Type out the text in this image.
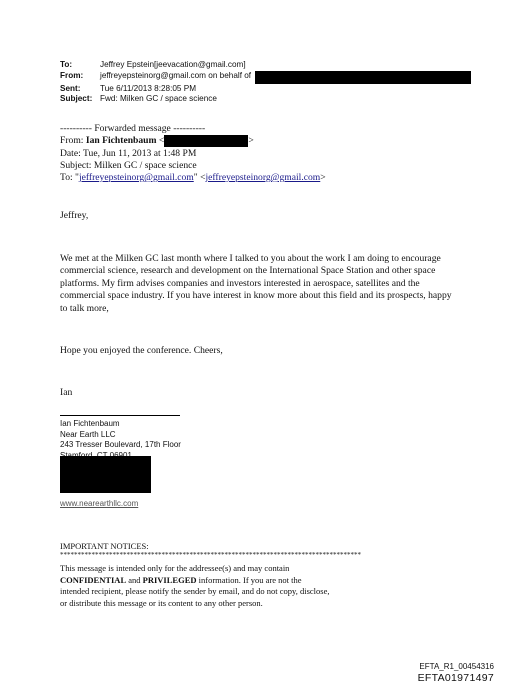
To:	Jeffrey Epstein[jeevacation@gmail.com]
From:	jeffreyepsteinorg@gmail.com on behalf of
Sent:	Tue 6/11/2013 8:28:05 PM
Subject: Fwd: Milken GC / space science
---------- Forwarded message ----------
From: Ian Fichtenbaum <	>
Date: Tue, Jun 11, 2013 at 1:48 PM
Subject: Milken GC / space science
To: "jeffreyepsteinorg@gmail.com" <jeffreyepsteinorg@gmail.com>
Jeffrey,
We met at the Milken GC last month where I talked to you about the work I am doing to encourage commercial science, research and development on the International Space Station and other space platforms. My firm advises companies and investors interested in aerospace, satellites and the commercial space industry. If you have interest in know more about this field and its prospects, happy to talk more,
Hope you enjoyed the conference. Cheers,
Ian
Ian Fichtenbaum
Near Earth LLC
243 Tresser Boulevard, 17th Floor
www.nearearthllc.com
IMPORTANT NOTICES:
**************************************************************************************
This message is intended only for the addressee(s) and may contain CONFIDENTIAL and PRIVILEGED information. If you are not the intended recipient, please notify the sender by email, and do not copy, disclose, or distribute this message or its content to any other person.
EFTA_R1_00454316
EFTA01971497
